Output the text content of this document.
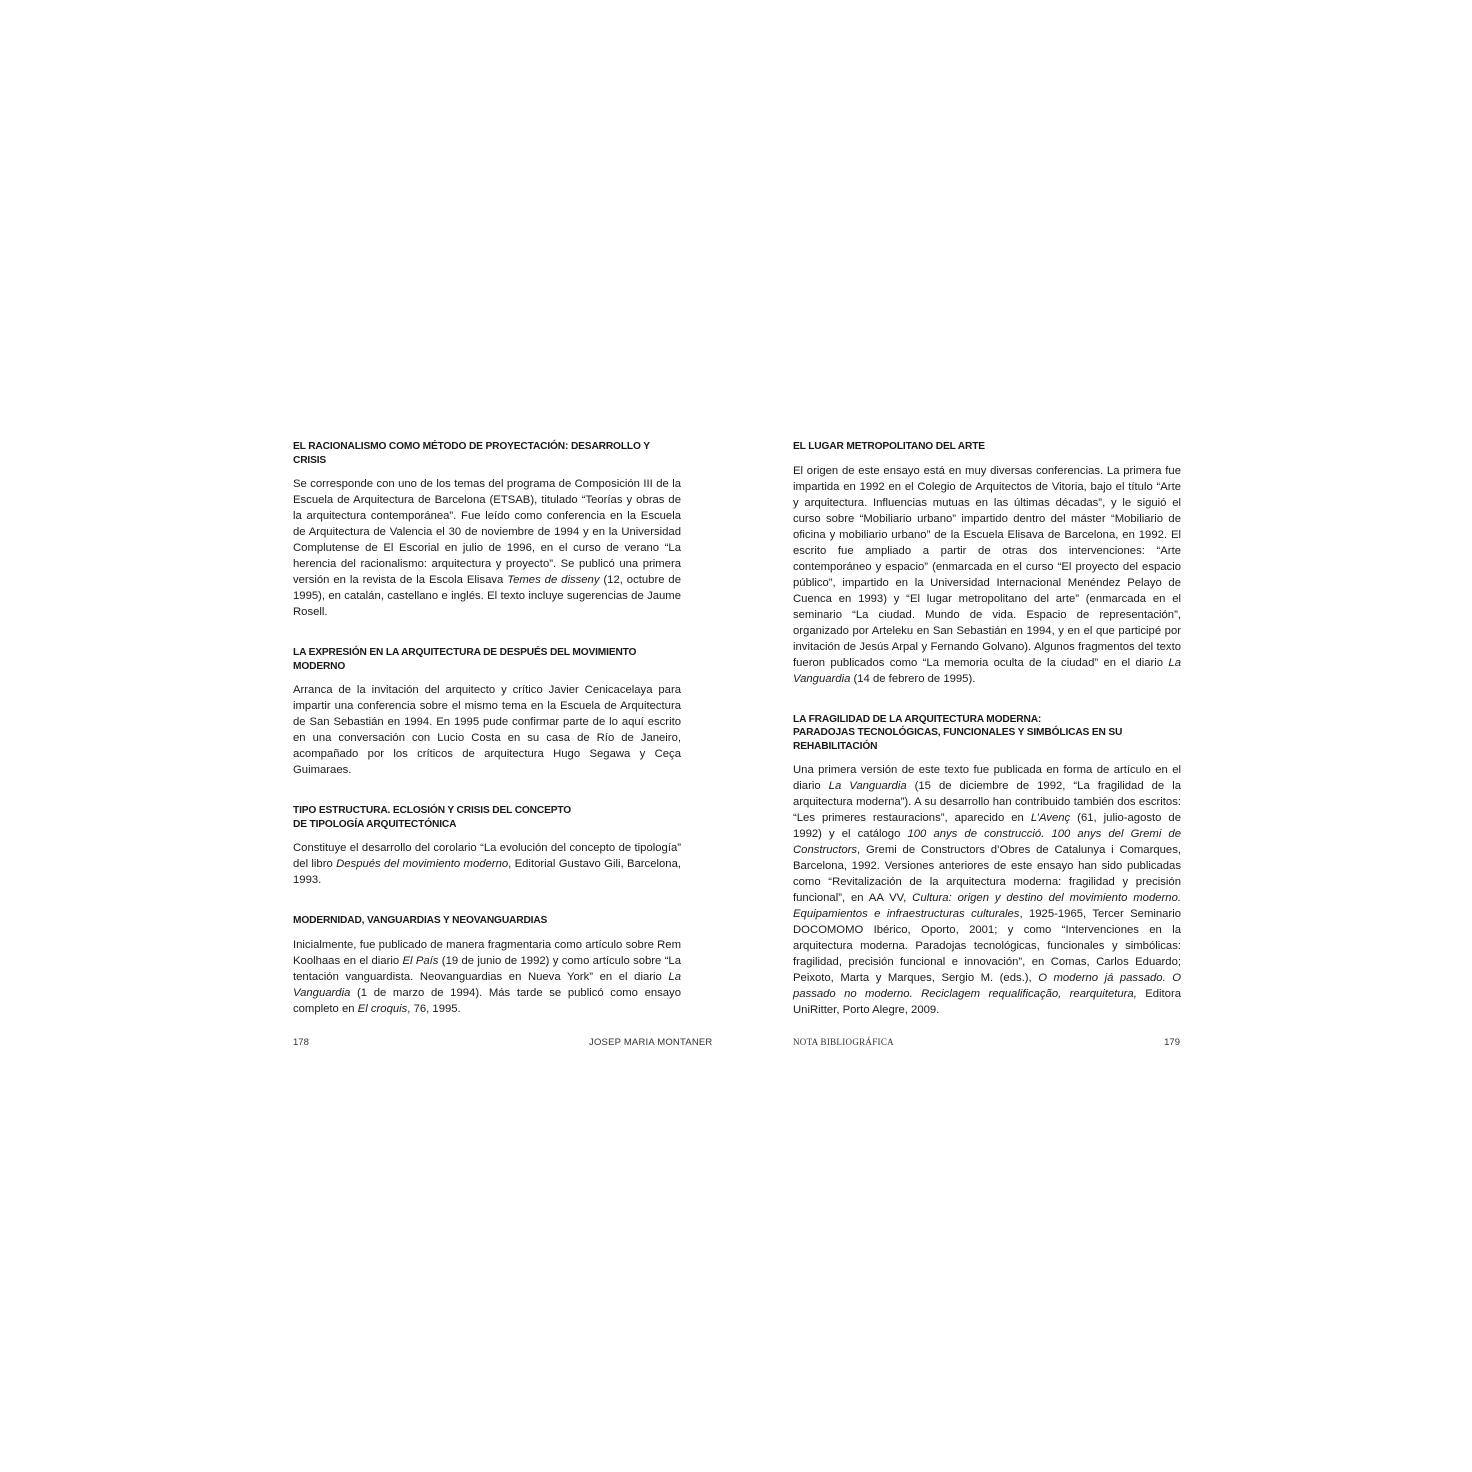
EL RACIONALISMO COMO MÉTODO DE PROYECTACIÓN: DESARROLLO Y CRISIS

Se corresponde con uno de los temas del programa de Composición III de la Escuela de Arquitectura de Barcelona (ETSAB), titulado “Teorías y obras de la arquitectura contemporánea”. Fue leído como conferencia en la Escuela de Arquitectura de Valencia el 30 de noviembre de 1994 y en la Universidad Complutense de El Escorial en julio de 1996, en el curso de verano “La herencia del racionalismo: arquitectura y proyecto”. Se publicó una primera versión en la revista de la Escola Elisava Temes de disseny (12, octubre de 1995), en catalán, castellano e inglés. El texto incluye sugerencias de Jaume Rosell.

LA EXPRESIÓN EN LA ARQUITECTURA DE DESPUÉS DEL MOVIMIENTO MODERNO

Arranca de la invitación del arquitecto y crítico Javier Cenicacelaya para impartir una conferencia sobre el mismo tema en la Escuela de Arquitectura de San Sebastián en 1994. En 1995 pude confirmar parte de lo aquí escrito en una conversación con Lucio Costa en su casa de Río de Janeiro, acompañado por los críticos de arquitectura Hugo Segawa y Ceça Guimaraes.

TIPO ESTRUCTURA. ECLOSIÓN Y CRISIS DEL CONCEPTO
DE TIPOLOGÍA ARQUITECTÓNICA

Constituye el desarrollo del corolario “La evolución del concepto de tipología” del libro Después del movimiento moderno, Editorial Gustavo Gili, Barcelona, 1993.

MODERNIDAD, VANGUARDIAS Y NEOVANGUARDIAS

Inicialmente, fue publicado de manera fragmentaria como artículo sobre Rem Koolhaas en el diario El País (19 de junio de 1992) y como artículo sobre “La tentación vanguardista. Neovanguardias en Nueva York” en el diario La Vanguardia (1 de marzo de 1994). Más tarde se publicó como ensayo completo en El croquis, 76, 1995.

EL LUGAR METROPOLITANO DEL ARTE

El origen de este ensayo está en muy diversas conferencias. La primera fue impartida en 1992 en el Colegio de Arquitectos de Vitoria, bajo el título “Arte y arquitectura. Influencias mutuas en las últimas décadas”, y le siguió el curso sobre “Mobiliario urbano” impartido dentro del máster “Mobiliario de oficina y mobiliario urbano” de la Escuela Elisava de Barcelona, en 1992. El escrito fue ampliado a partir de otras dos intervenciones: “Arte contemporáneo y espacio” (enmarcada en el curso “El proyecto del espacio público”, impartido en la Universidad Internacional Menéndez Pelayo de Cuenca en 1993) y “El lugar metropolitano del arte” (enmarcada en el seminario “La ciudad. Mundo de vida. Espacio de representación”, organizado por Arteleku en San Sebastián en 1994, y en el que participé por invitación de Jesús Arpal y Fernando Golvano). Algunos fragmentos del texto fueron publicados como “La memoria oculta de la ciudad” en el diario La Vanguardia (14 de febrero de 1995).

LA FRAGILIDAD DE LA ARQUITECTURA MODERNA:
PARADOJAS TECNOLÓGICAS, FUNCIONALES Y SIMBÓLICAS EN SU REHABILITACIÓN

Una primera versión de este texto fue publicada en forma de artículo en el diario La Vanguardia (15 de diciembre de 1992, “La fragilidad de la arquitectura moderna”). A su desarrollo han contribuido también dos escritos: “Les primeres restauracions”, aparecido en L’Avenç (61, julio-agosto de 1992) y el catálogo 100 anys de construcció. 100 anys del Gremi de Constructors, Gremi de Constructors d’Obres de Catalunya i Comarques, Barcelona, 1992. Versiones anteriores de este ensayo han sido publicadas como “Revitalización de la arquitectura moderna: fragilidad y precisión funcional”, en AA VV, Cultura: origen y destino del movimiento moderno. Equipamientos e infraestructuras culturales, 1925-1965, Tercer Seminario DOCOMOMO Ibérico, Oporto, 2001; y como “Intervenciones en la arquitectura moderna. Paradojas tecnológicas, funcionales y simbólicas: fragilidad, precisión funcional e innovación”, en Comas, Carlos Eduardo; Peixoto, Marta y Marques, Sergio M. (eds.), O moderno já passado. O passado no moderno. Reciclagem requalificação, rearquitetura, Editora UniRitter, Porto Alegre, 2009.

178	JOSEP MARIA MONTANER	NOTA BIBLIOGRÁFICA	179
